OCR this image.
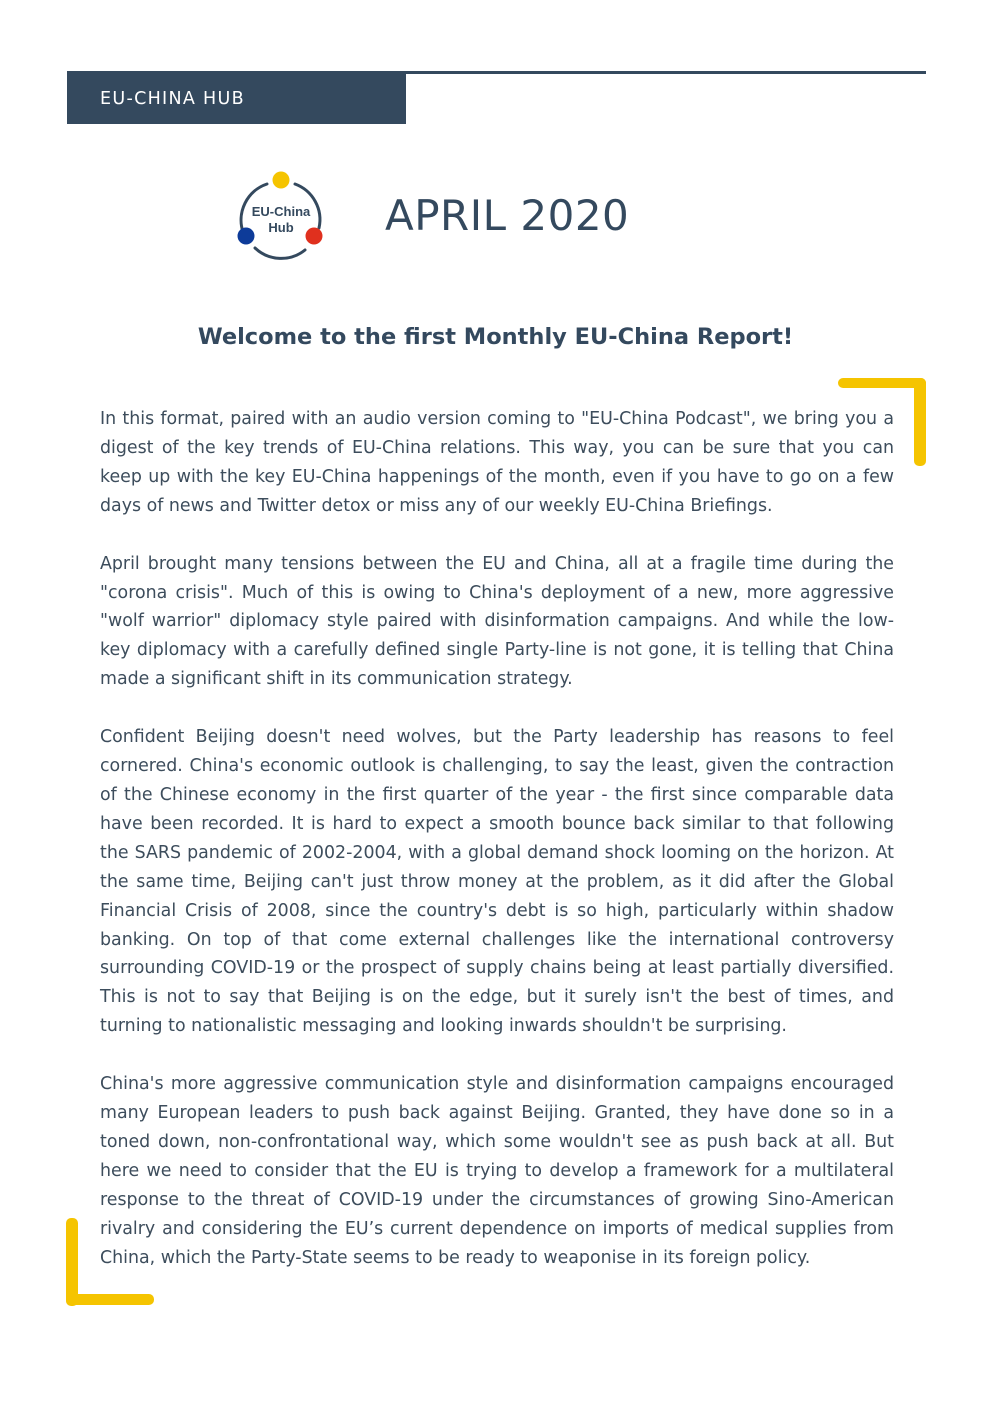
EU-CHINA HUB
EU-China
Hub APRIL 2020
Welcome to the first Monthly EU-China Report!

In this format, paired with an audio version coming to "EU-China Podcast", we bring you a digest of the key trends of EU-China relations. This way, you can be sure that you can keep up with the key EU-China happenings of the month, even if you have to go on a few days of news and Twitter detox or miss any of our weekly EU-China Briefings.

April brought many tensions between the EU and China, all at a fragile time during the "corona crisis". Much of this is owing to China's deployment of a new, more aggressive "wolf warrior" diplomacy style paired with disinformation campaigns. And while the low-key diplomacy with a carefully defined single Party-line is not gone, it is telling that China made a significant shift in its communication strategy.

Confident Beijing doesn't need wolves, but the Party leadership has reasons to feel cornered. China's economic outlook is challenging, to say the least, given the contraction of the Chinese economy in the first quarter of the year - the first since comparable data have been recorded. It is hard to expect a smooth bounce back similar to that following the SARS pandemic of 2002-2004, with a global demand shock looming on the horizon. At the same time, Beijing can't just throw money at the problem, as it did after the Global Financial Crisis of 2008, since the country's debt is so high, particularly within shadow banking. On top of that come external challenges like the international controversy surrounding COVID-19 or the prospect of supply chains being at least partially diversified. This is not to say that Beijing is on the edge, but it surely isn't the best of times, and turning to nationalistic messaging and looking inwards shouldn't be surprising.

China's more aggressive communication style and disinformation campaigns encouraged many European leaders to push back against Beijing. Granted, they have done so in a toned down, non-confrontational way, which some wouldn't see as push back at all. But here we need to consider that the EU is trying to develop a framework for a multilateral response to the threat of COVID-19 under the circumstances of growing Sino-American rivalry and considering the EU’s current dependence on imports of medical supplies from China, which the Party-State seems to be ready to weaponise in its foreign policy.
